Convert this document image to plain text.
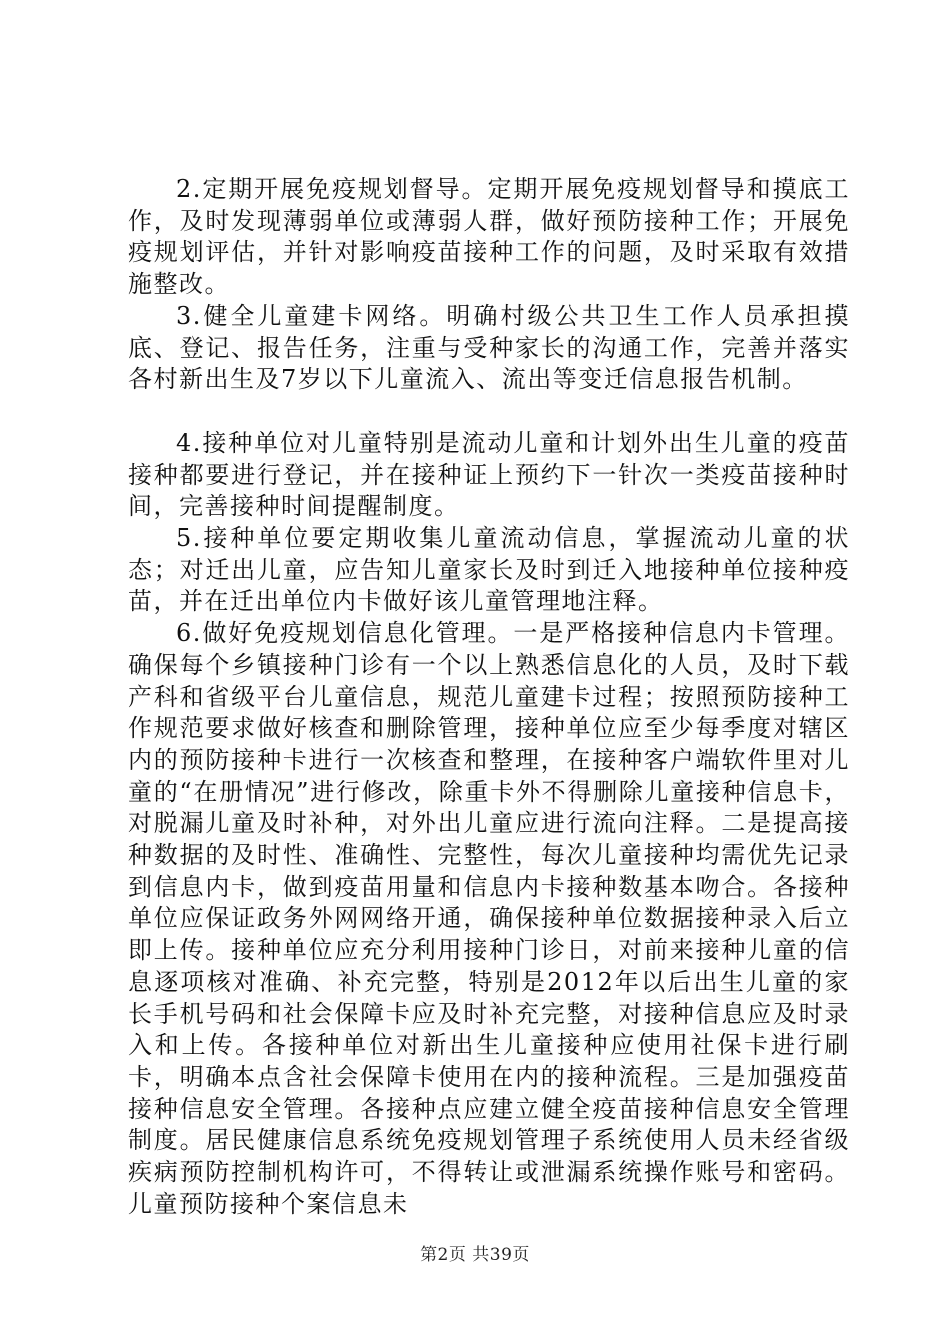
2.定期开展免疫规划督导。定期开展免疫规划督导和摸底工作，及时发现薄弱单位或薄弱人群，做好预防接种工作；开展免疫规划评估，并针对影响疫苗接种工作的问题，及时采取有效措施整改。

3.健全儿童建卡网络。明确村级公共卫生工作人员承担摸底、登记、报告任务，注重与受种家长的沟通工作，完善并落实各村新出生及7岁以下儿童流入、流出等变迁信息报告机制。

4.接种单位对儿童特别是流动儿童和计划外出生儿童的疫苗接种都要进行登记，并在接种证上预约下一针次一类疫苗接种时间，完善接种时间提醒制度。

5.接种单位要定期收集儿童流动信息，掌握流动儿童的状态；对迁出儿童，应告知儿童家长及时到迁入地接种单位接种疫苗，并在迁出单位内卡做好该儿童管理地注释。

6.做好免疫规划信息化管理。一是严格接种信息内卡管理。确保每个乡镇接种门诊有一个以上熟悉信息化的人员，及时下载产科和省级平台儿童信息，规范儿童建卡过程；按照预防接种工作规范要求做好核查和删除管理，接种单位应至少每季度对辖区内的预防接种卡进行一次核查和整理，在接种客户端软件里对儿童的“在册情况”进行修改，除重卡外不得删除儿童接种信息卡，对脱漏儿童及时补种，对外出儿童应进行流向注释。二是提高接种数据的及时性、准确性、完整性，每次儿童接种均需优先记录到信息内卡，做到疫苗用量和信息内卡接种数基本吻合。各接种单位应保证政务外网网络开通，确保接种单位数据接种录入后立即上传。接种单位应充分利用接种门诊日，对前来接种儿童的信息逐项核对准确、补充完整，特别是2012年以后出生儿童的家长手机号码和社会保障卡应及时补充完整，对接种信息应及时录入和上传。各接种单位对新出生儿童接种应使用社保卡进行刷卡，明确本点含社会保障卡使用在内的接种流程。三是加强疫苗接种信息安全管理。各接种点应建立健全疫苗接种信息安全管理制度。居民健康信息系统免疫规划管理子系统使用人员未经省级疾病预防控制机构许可，不得转让或泄漏系统操作账号和密码。儿童预防接种个案信息未

第2页 共39页
